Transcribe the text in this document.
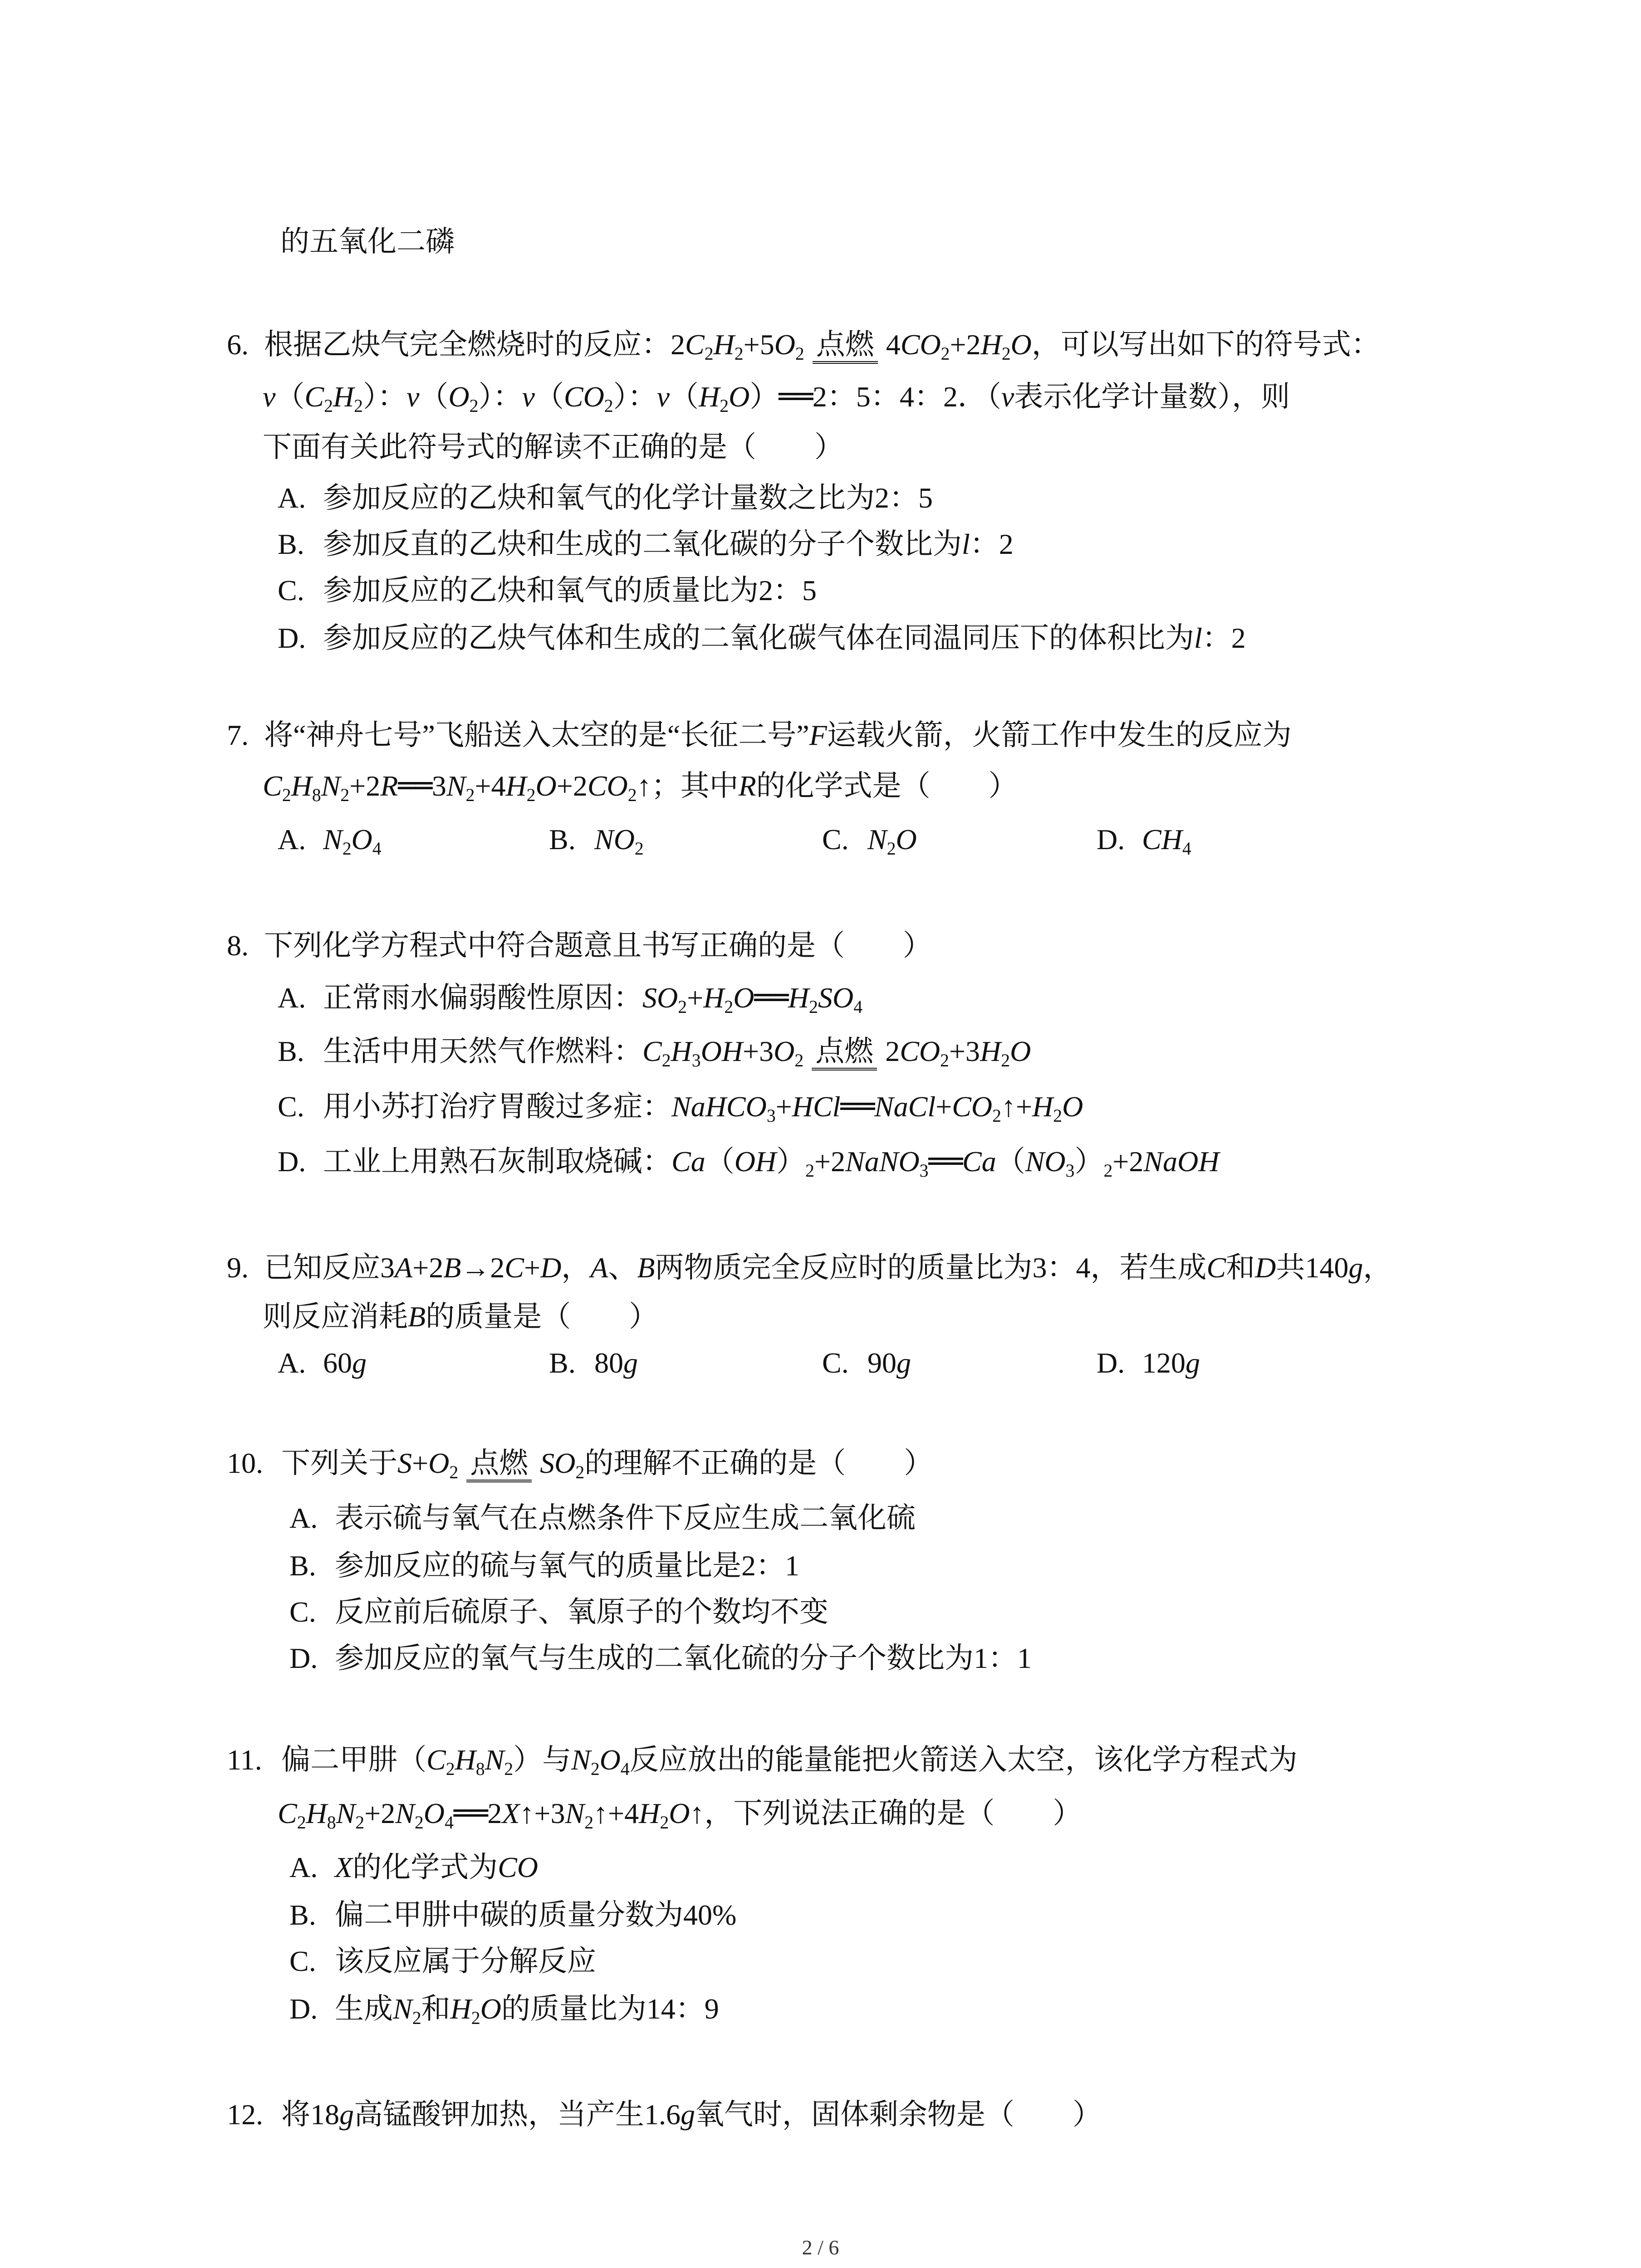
的五氧化二磷
6. 根据乙炔气完全燃烧时的反应：2C2H2+5O2 点燃 4CO2+2H2O，可以写出如下的符号式：
v（C2H2）：v（O2）：v（CO2）：v（H2O）══2：5：4：2．（v表示化学计量数），则
下面有关此符号式的解读不正确的是（　　）
A. 参加反应的乙炔和氧气的化学计量数之比为2：5
B. 参加反直的乙炔和生成的二氧化碳的分子个数比为l：2
C. 参加反应的乙炔和氧气的质量比为2：5
D. 参加反应的乙炔气体和生成的二氧化碳气体在同温同压下的体积比为l：2
7. 将“神舟七号”飞船送入太空的是“长征二号”F运载火箭，火箭工作中发生的反应为
C2H8N2+2R══3N2+4H2O+2CO2↑；其中R的化学式是（　　）
A. N2O4	B. NO2	C. N2O	D. CH4
8. 下列化学方程式中符合题意且书写正确的是（　　）
A. 正常雨水偏弱酸性原因：SO2+H2O══H2SO4
B. 生活中用天然气作燃料：C2H3OH+3O2 点燃 2CO2+3H2O
C. 用小苏打治疗胃酸过多症：NaHCO3+HCl══NaCl+CO2↑+H2O
D. 工业上用熟石灰制取烧碱：Ca（OH）2+2NaNO3══Ca（NO3）2+2NaOH
9. 已知反应3A+2B→2C+D，A、B两物质完全反应时的质量比为3：4，若生成C和D共140g，
则反应消耗B的质量是（　　）
A. 60g	B. 80g	C. 90g	D. 120g
10. 下列关于S+O2 点燃 SO2的理解不正确的是（　　）
A. 表示硫与氧气在点燃条件下反应生成二氧化硫
B. 参加反应的硫与氧气的质量比是2：1
C. 反应前后硫原子、氧原子的个数均不变
D. 参加反应的氧气与生成的二氧化硫的分子个数比为1：1
11. 偏二甲肼（C2H8N2）与N2O4反应放出的能量能把火箭送入太空，该化学方程式为
C2H8N2+2N2O4══2X↑+3N2↑+4H2O↑，下列说法正确的是（　　）
A. X的化学式为CO
B. 偏二甲肼中碳的质量分数为40%
C. 该反应属于分解反应
D. 生成N2和H2O的质量比为14：9
12. 将18g高锰酸钾加热，当产生1.6g氧气时，固体剩余物是（　　）
2 / 6
